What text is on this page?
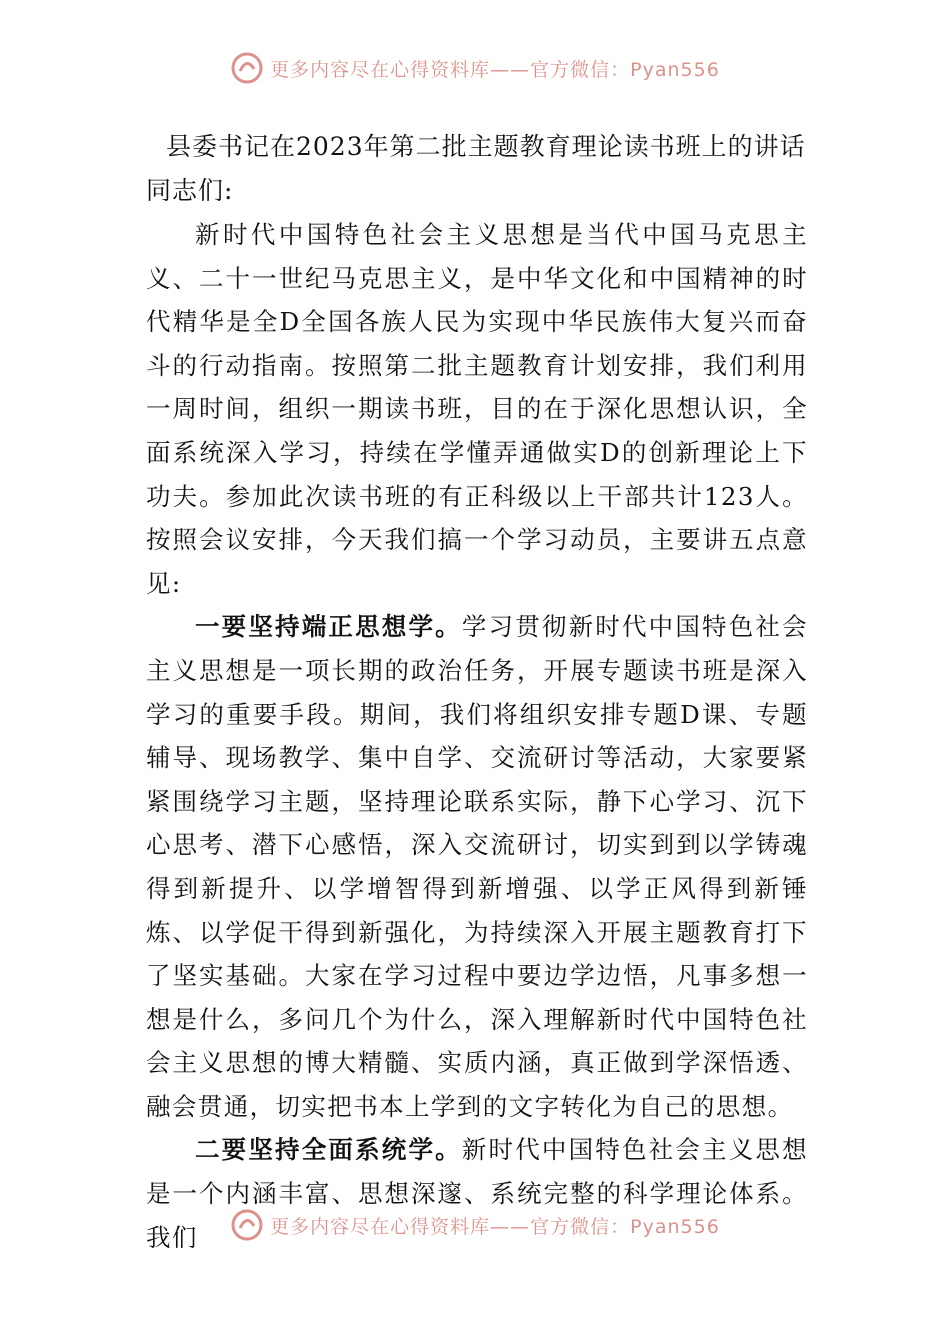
更多内容尽在心得资料库——官方微信：Pyan556
县委书记在2023年第二批主题教育理论读书班上的讲话
同志们:

新时代中国特色社会主义思想是当代中国马克思主义、二十一世纪马克思主义，是中华文化和中国精神的时代精华是全D全国各族人民为实现中华民族伟大复兴而奋斗的行动指南。按照第二批主题教育计划安排，我们利用一周时间，组织一期读书班，目的在于深化思想认识，全面系统深入学习，持续在学懂弄通做实D的创新理论上下功夫。参加此次读书班的有正科级以上干部共计123人。按照会议安排，今天我们搞一个学习动员，主要讲五点意见:

一要坚持端正思想学。学习贯彻新时代中国特色社会主义思想是一项长期的政治任务，开展专题读书班是深入学习的重要手段。期间，我们将组织安排专题D课、专题辅导、现场教学、集中自学、交流研讨等活动，大家要紧紧围绕学习主题，坚持理论联系实际，静下心学习、沉下心思考、潜下心感悟，深入交流研讨，切实到到以学铸魂得到新提升、以学增智得到新增强、以学正风得到新锤炼、以学促干得到新强化，为持续深入开展主题教育打下了坚实基础。大家在学习过程中要边学边悟，凡事多想一想是什么，多问几个为什么，深入理解新时代中国特色社会主义思想的博大精髓、实质内涵，真正做到学深悟透、融会贯通，切实把书本上学到的文字转化为自己的思想。

二要坚持全面系统学。新时代中国特色社会主义思想是一个内涵丰富、思想深邃、系统完整的科学理论体系。我们	更多内容尽在心得资料库——官方微信：Pyan556
